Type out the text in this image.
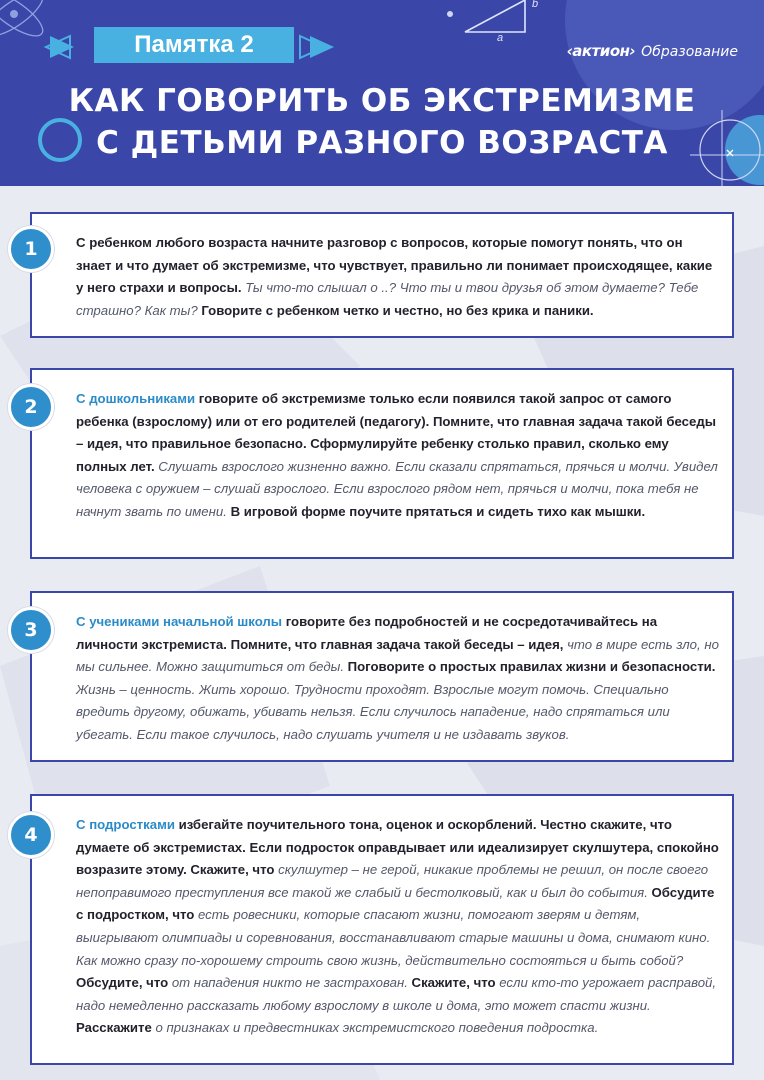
b
a
Памятка 2	‹актион› Образование
КАК ГОВОРИТЬ ОБ ЭКСТРЕМИЗМЕ
С ДЕТЬМИ РАЗНОГО ВОЗРАСТА
С ребенком любого возраста начните разговор с вопросов, которые помогут понять, что он знает и что думает об экстремизме, что чувствует, правильно ли понимает происходящее, какие у него страхи и вопросы. Ты что-то слышал о ..? Что ты и твои друзья об этом думаете? Тебе страшно? Как ты? Говорите с ребенком четко и честно, но без крика и паники.
1
С дошкольниками говорите об экстремизме только если появился такой запрос от самого ребенка (взрослому) или от его родителей (педагогу). Помните, что главная задача такой беседы – идея, что правильное безопасно. Сформулируйте ребенку столько правил, сколько ему полных лет. Слушать взрослого жизненно важно. Если сказали спрятаться, прячься и молчи. Увидел человека с оружием – слушай взрослого. Если взрослого рядом нет, прячься и молчи, пока тебя не начнут звать по имени. В игровой форме поучите прятаться и сидеть тихо как мышки.
2
С учениками начальной школы говорите без подробностей и не сосредотачивайтесь на личности экстремиста. Помните, что главная задача такой беседы – идея, что в мире есть зло, но мы сильнее. Можно защититься от беды. Поговорите о простых правилах жизни и безопасности. Жизнь – ценность. Жить хорошо. Трудности проходят. Взрослые могут помочь. Специально вредить другому, обижать, убивать нельзя. Если случилось нападение, надо спрятаться или убегать. Если такое случилось, надо слушать учителя и не издавать звуков.
3
С подростками избегайте поучительного тона, оценок и оскорблений. Честно скажите, что думаете об экстремистах. Если подросток оправдывает или идеализирует скулшутера, спокойно возразите этому. Скажите, что скулшутер – не герой, никакие проблемы не решил, он после своего непоправимого преступления все такой же слабый и бестолковый, как и был до события. Обсудите с подростком, что есть ровесники, которые спасают жизни, помогают зверям и детям, выигрывают олимпиады и соревнования, восстанавливают старые машины и дома, снимают кино. Как можно сразу по-хорошему строить свою жизнь, действительно состояться и быть собой? Обсудите, что от нападения никто не застрахован. Скажите, что если кто-то угрожает расправой, надо немедленно рассказать любому взрослому в школе и дома, это может спасти жизни. Расскажите о признаках и предвестниках экстремистского поведения подростка.
4
